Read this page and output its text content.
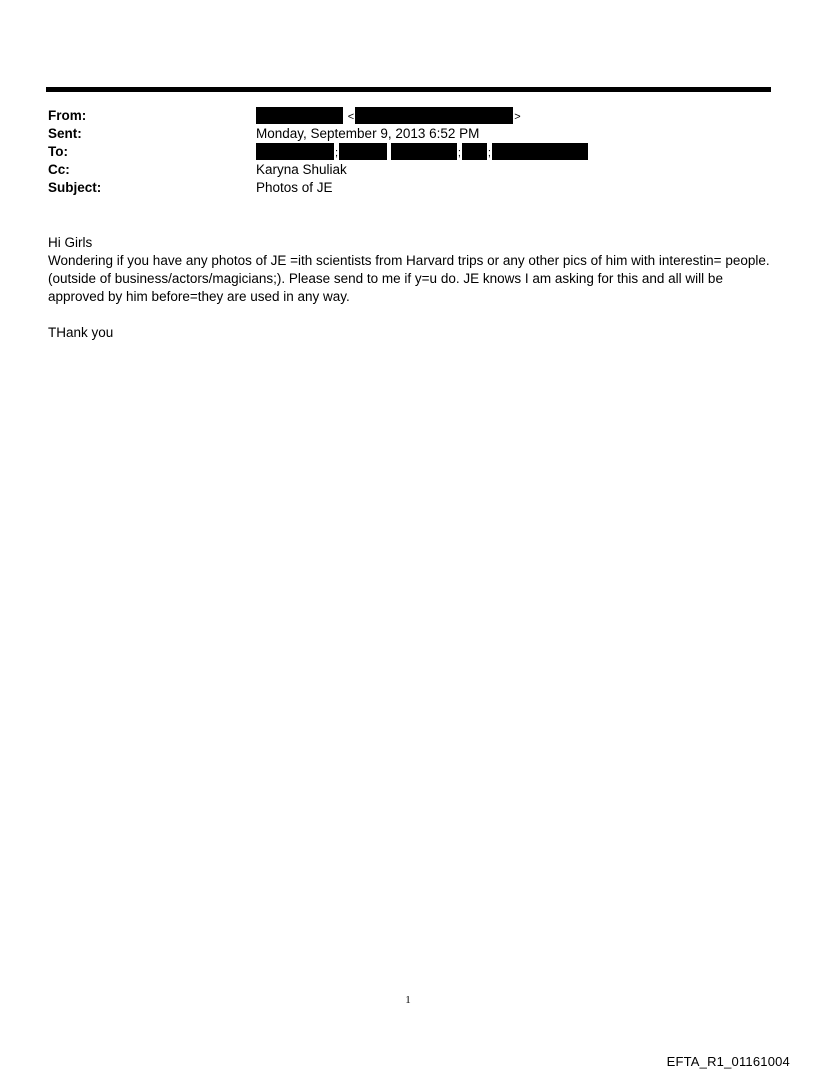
From:	<	>
Sent:	Monday, September 9, 2013 6:52 PM
To:	;	; ;
Cc:	Karyna Shuliak
Subject:	Photos of JE

Hi Girls

Wondering if you have any photos of JE =ith scientists from Harvard trips or any other pics of him with interestin= people.(outside of business/actors/magicians;). Please send to me if y=u do. JE knows I am asking for this and all will be approved by him before=they are used in any way.

THank you

1
EFTA_R1_01161004
